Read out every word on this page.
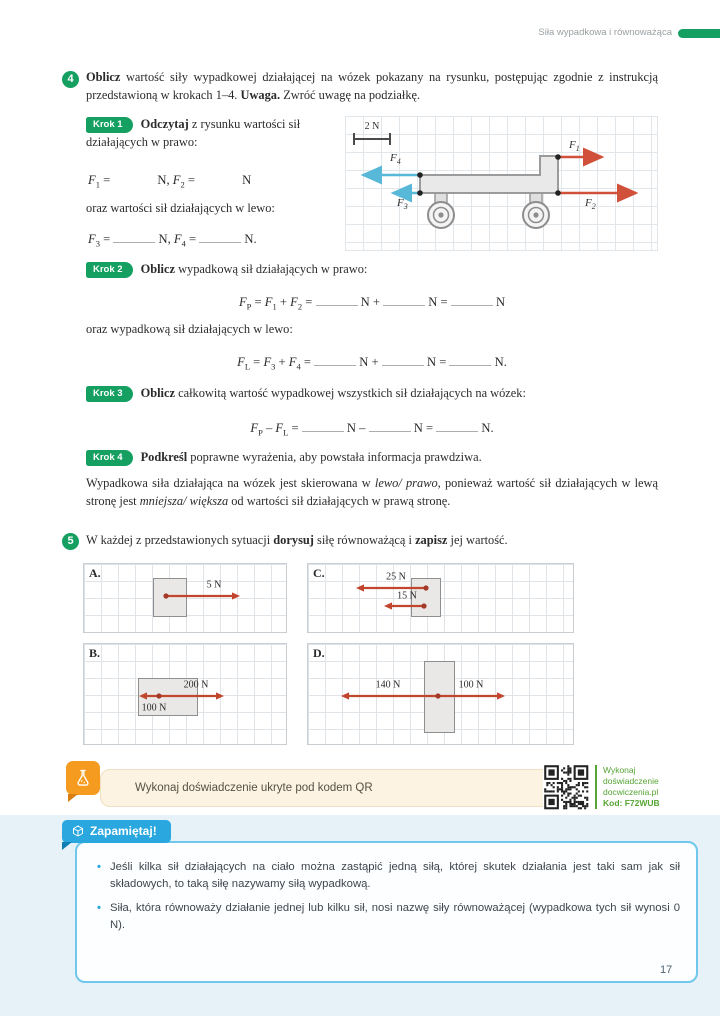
Siła wypadkowa i równoważąca
4	Oblicz wartość siły wypadkowej działającej na wózek pokazany na rysunku, postępując zgodnie z instrukcją przedstawioną w krokach 1–4. Uwaga. Zwróć uwagę na podziałkę.
Krok 1 Odczytaj z rysunku wartości sił działających w prawo:
$F_1$ =	N, $F_2$ =	N
oraz wartości sił działających w lewo:
$F_3$ =	N, $F_4$ =	N.
2 N
$F_1$
$F_2$
$F_3$
$F_4$
Krok 2 Oblicz wypadkową sił działających w prawo:
$F_P = F_1 + F_2$ =	N +	N =	N
oraz wypadkową sił działających w lewo:
$F_L = F_3 + F_4$ =	N +	N =	N.
Krok 3 Oblicz całkowitą wartość wypadkowej wszystkich sił działających na wózek:
$F_P - F_L$ =	N –	N =	N.
Krok 4 Podkreśl poprawne wyrażenia, aby powstała informacja prawdziwa.
Wypadkowa siła działająca na wózek jest skierowana w lewo/ prawo, ponieważ wartość sił działających w lewą stronę jest mniejsza/ większa od wartości sił działających w prawą stronę.
5	W każdej z przedstawionych sytuacji dorysuj siłę równoważącą i zapisz jej wartość.
A.
5 N
B.
200 N
100 N
C.	25 N
15 N
D.
140 N	100 N
Wykonaj doświadczenie ukryte pod kodem QR
Wykonaj
doświadczenie
docwiczenia.pl
Kod: F72WUB
Zapamiętaj!
• Jeśli kilka sił działających na ciało można zastąpić jedną siłą, której skutek działania jest taki sam jak sił składowych, to taką siłę nazywamy siłą wypadkową.
• Siła, która równoważy działanie jednej lub kilku sił, nosi nazwę siły równoważącej (wypadkowa tych sił wynosi 0 N).
17
